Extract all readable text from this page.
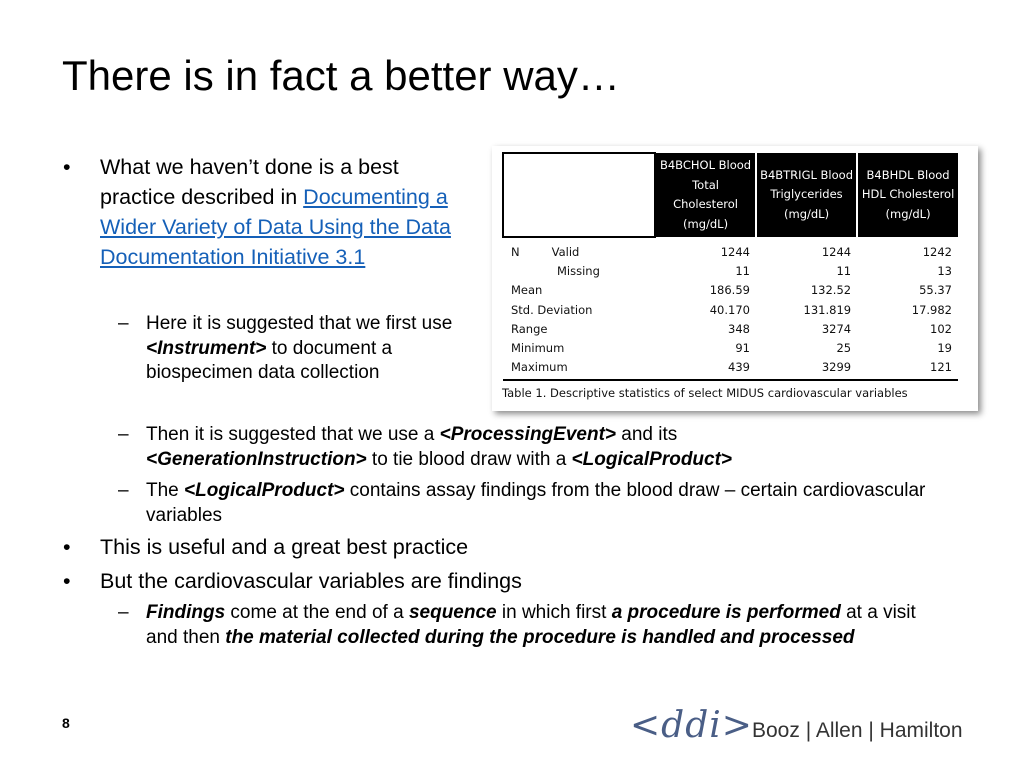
There is in fact a better way…
• What we haven’t done is a best practice described in Documenting a Wider Variety of Data Using the Data Documentation Initiative 3.1

– Here it is suggested that we first use <Instrument> to document a biospecimen data collection

– Then it is suggested that we use a <ProcessingEvent> and its
<GenerationInstruction> to tie blood draw with a <LogicalProduct>

– The <LogicalProduct> contains assay findings from the blood draw – certain cardiovascular variables

• This is useful and a great best practice

• But the cardiovascular variables are findings

– Findings come at the end of a sequence in which first a procedure is performed at a visit and then the material collected during the procedure is handled and processed

	B4BCHOL Blood Total Cholesterol (mg/dL)	B4BTRIGL Blood Triglycerides (mg/dL)	B4BHDL Blood HDL Cholesterol (mg/dL)
N Valid	1244	1244	1242
Missing	11	11	13
Mean	186.59	132.52	55.37
Std. Deviation	40.170	131.819	17.982
Range	348	3274	102
Minimum	91	25	19
Maximum	439	3299	121
Table 1. Descriptive statistics of select MIDUS cardiovascular variables
8	<ddi> Booz | Allen | Hamilton
